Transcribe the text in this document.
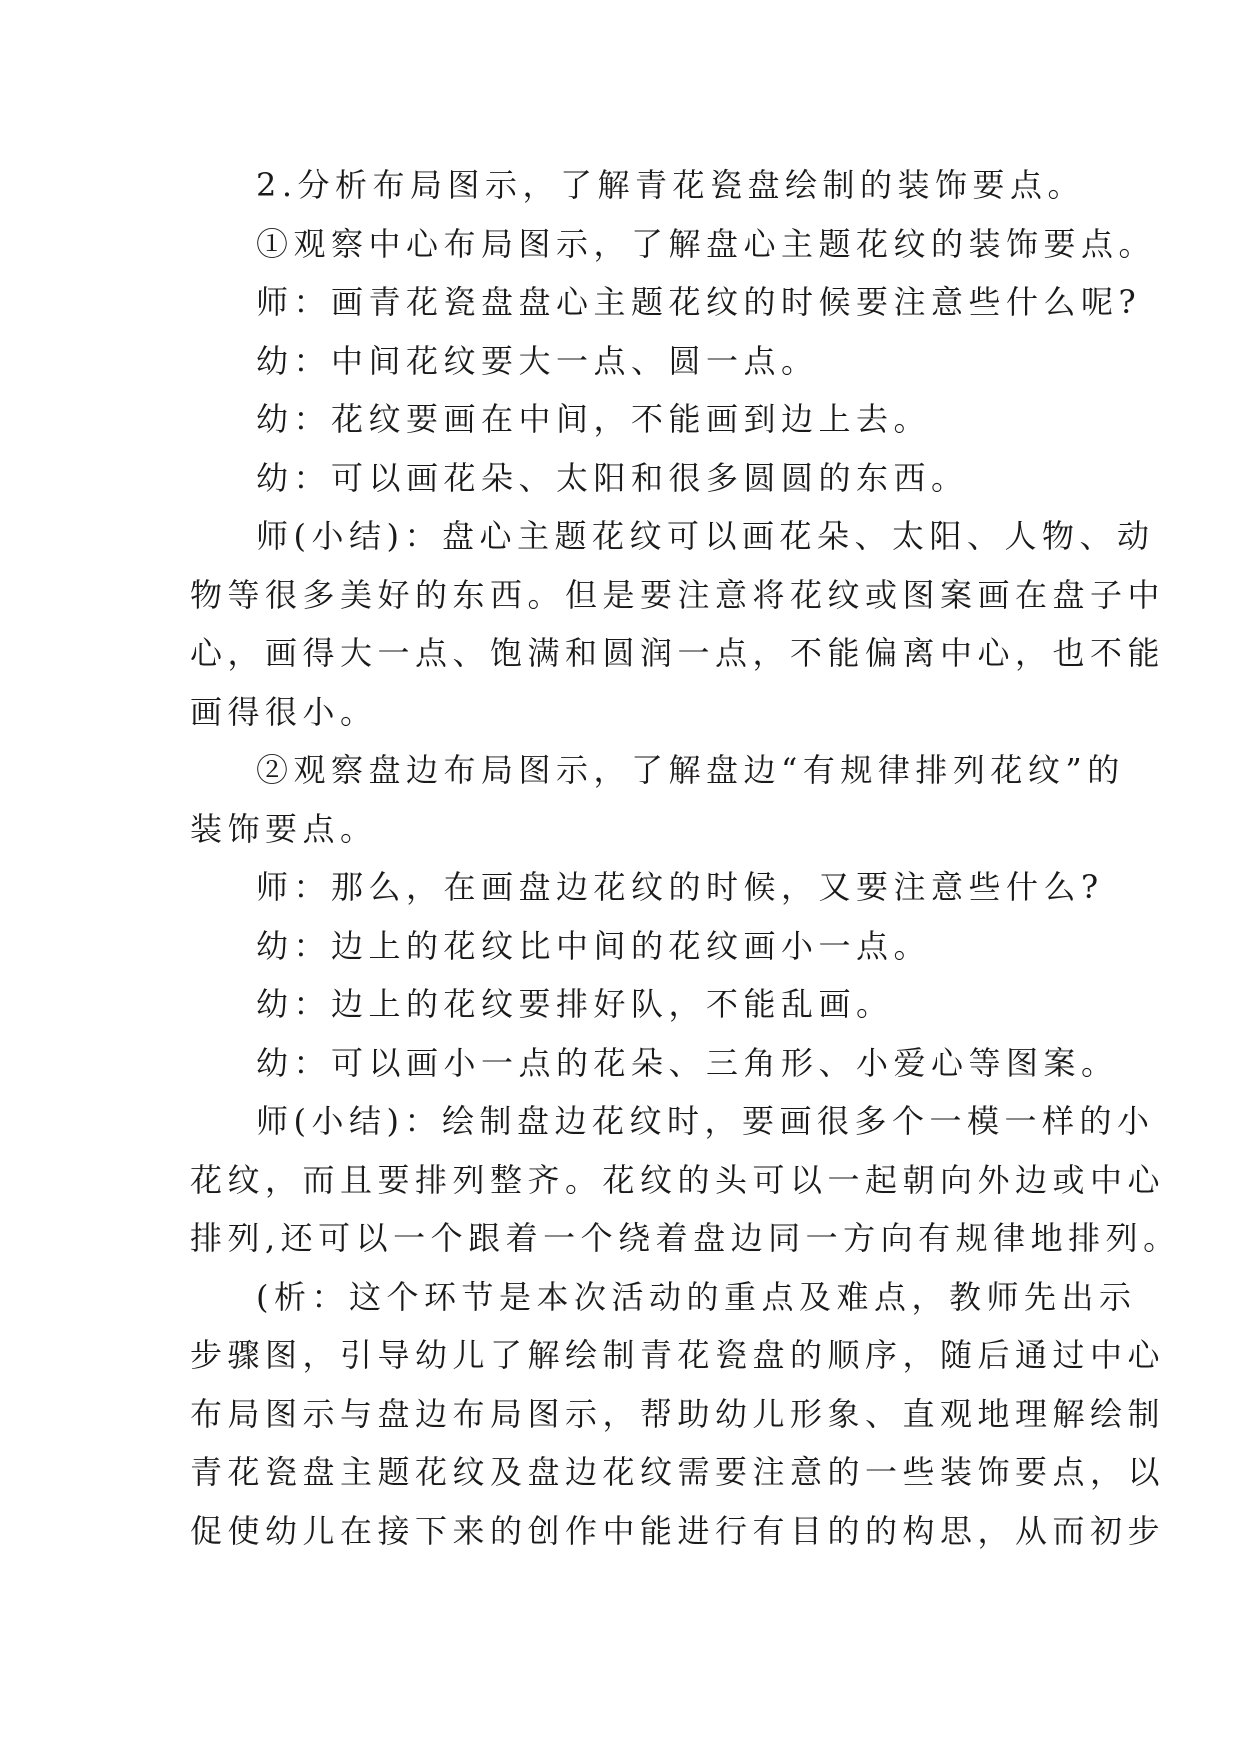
2.分析布局图示，了解青花瓷盘绘制的装饰要点。

①观察中心布局图示，了解盘心主题花纹的装饰要点。

师：画青花瓷盘盘心主题花纹的时候要注意些什么呢?

幼：中间花纹要大一点、圆一点。

幼：花纹要画在中间，不能画到边上去。

幼：可以画花朵、太阳和很多圆圆的东西。

师(小结)：盘心主题花纹可以画花朵、太阳、人物、动

物等很多美好的东西。但是要注意将花纹或图案画在盘子中

心，画得大一点、饱满和圆润一点，不能偏离中心，也不能

画得很小。

②观察盘边布局图示，了解盘边“有规律排列花纹”的

装饰要点。

师：那么，在画盘边花纹的时候，又要注意些什么?

幼：边上的花纹比中间的花纹画小一点。

幼：边上的花纹要排好队，不能乱画。

幼：可以画小一点的花朵、三角形、小爱心等图案。

师(小结)：绘制盘边花纹时，要画很多个一模一样的小

花纹，而且要排列整齐。花纹的头可以一起朝向外边或中心

排列,还可以一个跟着一个绕着盘边同一方向有规律地排列。

(析：这个环节是本次活动的重点及难点，教师先出示

步骤图，引导幼儿了解绘制青花瓷盘的顺序，随后通过中心

布局图示与盘边布局图示，帮助幼儿形象、直观地理解绘制

青花瓷盘主题花纹及盘边花纹需要注意的一些装饰要点，以

促使幼儿在接下来的创作中能进行有目的的构思，从而初步
